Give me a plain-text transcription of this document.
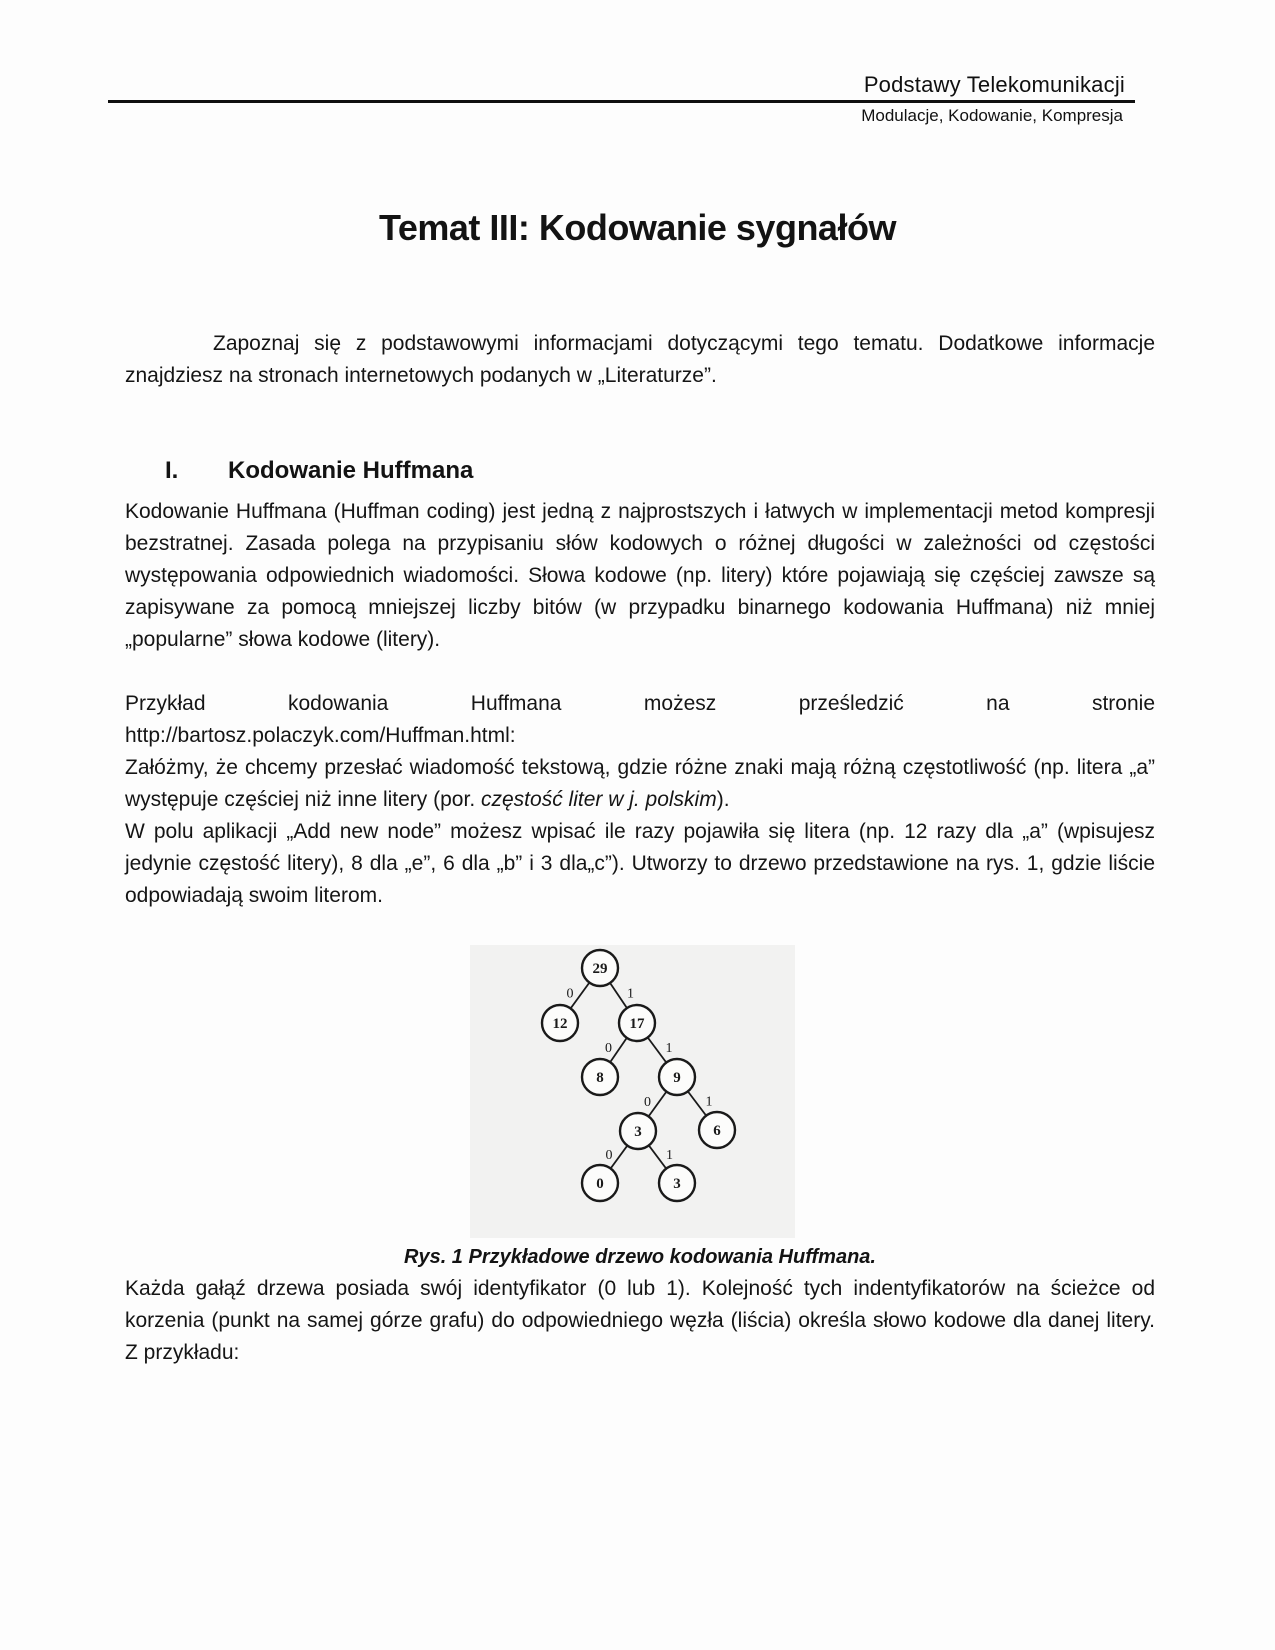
Podstawy Telekomunikacji
Modulacje, Kodowanie, Kompresja
Temat III: Kodowanie sygnałów

Zapoznaj się z podstawowymi informacjami dotyczącymi tego tematu. Dodatkowe informacje znajdziesz na stronach internetowych podanych w „Literaturze”.

I. Kodowanie Huffmana

Kodowanie Huffmana (Huffman coding) jest jedną z najprostszych i łatwych w implementacji metod kompresji bezstratnej. Zasada polega na przypisaniu słów kodowych o różnej długości w zależności od częstości występowania odpowiednich wiadomości. Słowa kodowe (np. litery) które pojawiają się częściej zawsze są zapisywane za pomocą mniejszej liczby bitów (w przypadku binarnego kodowania Huffmana) niż mniej „popularne” słowa kodowe (litery).

Przykład kodowania Huffmana możesz prześledzić na stronie
http://bartosz.polaczyk.com/Huffman.html:

Załóżmy, że chcemy przesłać wiadomość tekstową, gdzie różne znaki mają różną częstotliwość (np. litera „a” występuje częściej niż inne litery (por. częstość liter w j. polskim).

W polu aplikacji „Add new node” możesz wpisać ile razy pojawiła się litera (np. 12 razy dla „a” (wpisujesz jedynie częstość litery), 8 dla „e”, 6 dla „b” i 3 dla„c”). Utworzy to drzewo przedstawione na rys. 1, gdzie liście odpowiadają swoim literom.

0	1
0	1
0	1
0	1
29
12	17
8	9
3	6
0	3
Rys. 1 Przykładowe drzewo kodowania Huffmana.

Każda gałąź drzewa posiada swój identyfikator (0 lub 1). Kolejność tych indentyfikatorów na ścieżce od korzenia (punkt na samej górze grafu) do odpowiedniego węzła (liścia) określa słowo kodowe dla danej litery. Z przykładu:
